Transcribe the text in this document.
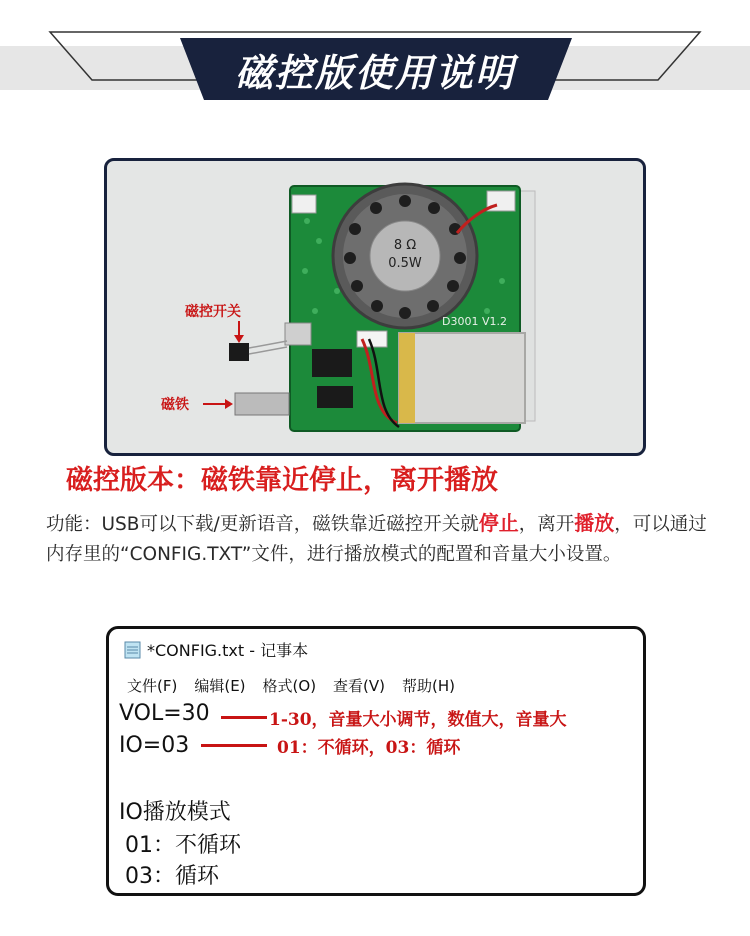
磁控版使用说明
8 Ω
0.5W
D3001 V1.2
磁控开关
磁铁
磁控版本：磁铁靠近停止，离开播放
功能：USB可以下载/更新语音，磁铁靠近磁控开关就停止，离开播放，可以通过内存里的“CONFIG.TXT”文件，进行播放模式的配置和音量大小设置。
*CONFIG.txt - 记事本
文件(F) 编辑(E) 格式(O) 查看(V) 帮助(H)
VOL=30	1-30，音量大小调节，数值大，音量大
IO=03	01：不循环，03：循环
IO播放模式
01：不循环
03：循环
